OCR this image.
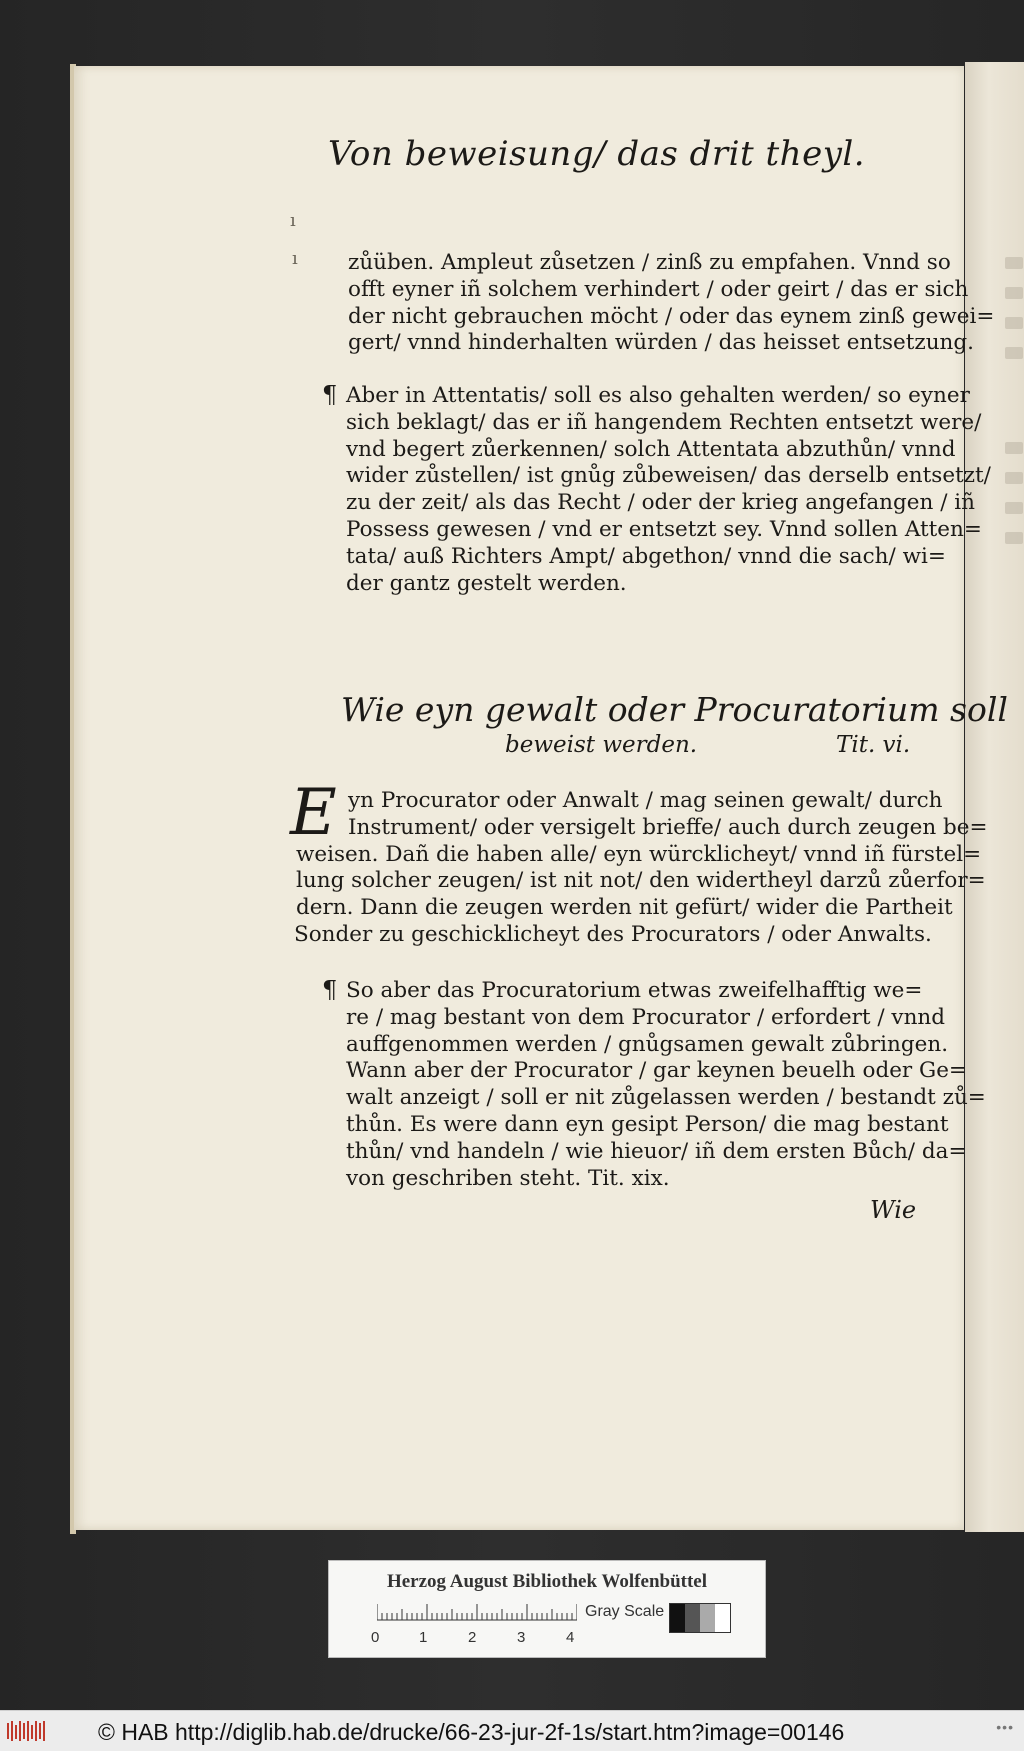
Von beweisung/ das drit theyl.
ı
ı zůüben. Ampleut zůsetzen / zinß zu empfahen. Vnnd so
offt eyner iñ solchem verhindert / oder geirt / das er sich
der nicht gebrauchen möcht / oder das eynem zinß gewei=
gert/ vnnd hinderhalten würden / das heisset entsetzung.
¶ Aber in Attentatis/ soll es also gehalten werden/ so eyner
sich beklagt/ das er iñ hangendem Rechten entsetzt were/
vnd begert zůerkennen/ solch Attentata abzuthůn/ vnnd
wider zůstellen/ ist gnůg zůbeweisen/ das derselb entsetzt/
zu der zeit/ als das Recht / oder der krieg angefangen / iñ
Possess gewesen / vnd er entsetzt sey. Vnnd sollen Atten=
tata/ auß Richters Ampt/ abgethon/ vnnd die sach/ wi=
der gantz gestelt werden.
Wie eyn gewalt oder Procuratorium soll
beweist werden.	Tit. vi.
E yn Procurator oder Anwalt / mag seinen gewalt/ durch
Instrument/ oder versigelt brieffe/ auch durch zeugen be=
weisen. Dañ die haben alle/ eyn würcklicheyt/ vnnd iñ fürstel=
lung solcher zeugen/ ist nit not/ den widertheyl darzů zůerfor=
dern. Dann die zeugen werden nit gefürt/ wider die Partheit
Sonder zu geschicklicheyt des Procurators / oder Anwalts.
¶ So aber das Procuratorium etwas zweifelhafftig we=
re / mag bestant von dem Procurator / erfordert / vnnd
auffgenommen werden / gnůgsamen gewalt zůbringen.
Wann aber der Procurator / gar keynen beuelh oder Ge=
walt anzeigt / soll er nit zůgelassen werden / bestandt zů=
thůn. Es were dann eyn gesipt Person/ die mag bestant
thůn/ vnd handeln / wie hieuor/ iñ dem ersten Bůch/ da=
von geschriben steht. Tit. xix.
Wie
Herzog August Bibliothek Wolfenbüttel
0	1	2	3	4
Gray Scale
© HAB http://diglib.hab.de/drucke/66-23-jur-2f-1s/start.htm?image=00146	•••
